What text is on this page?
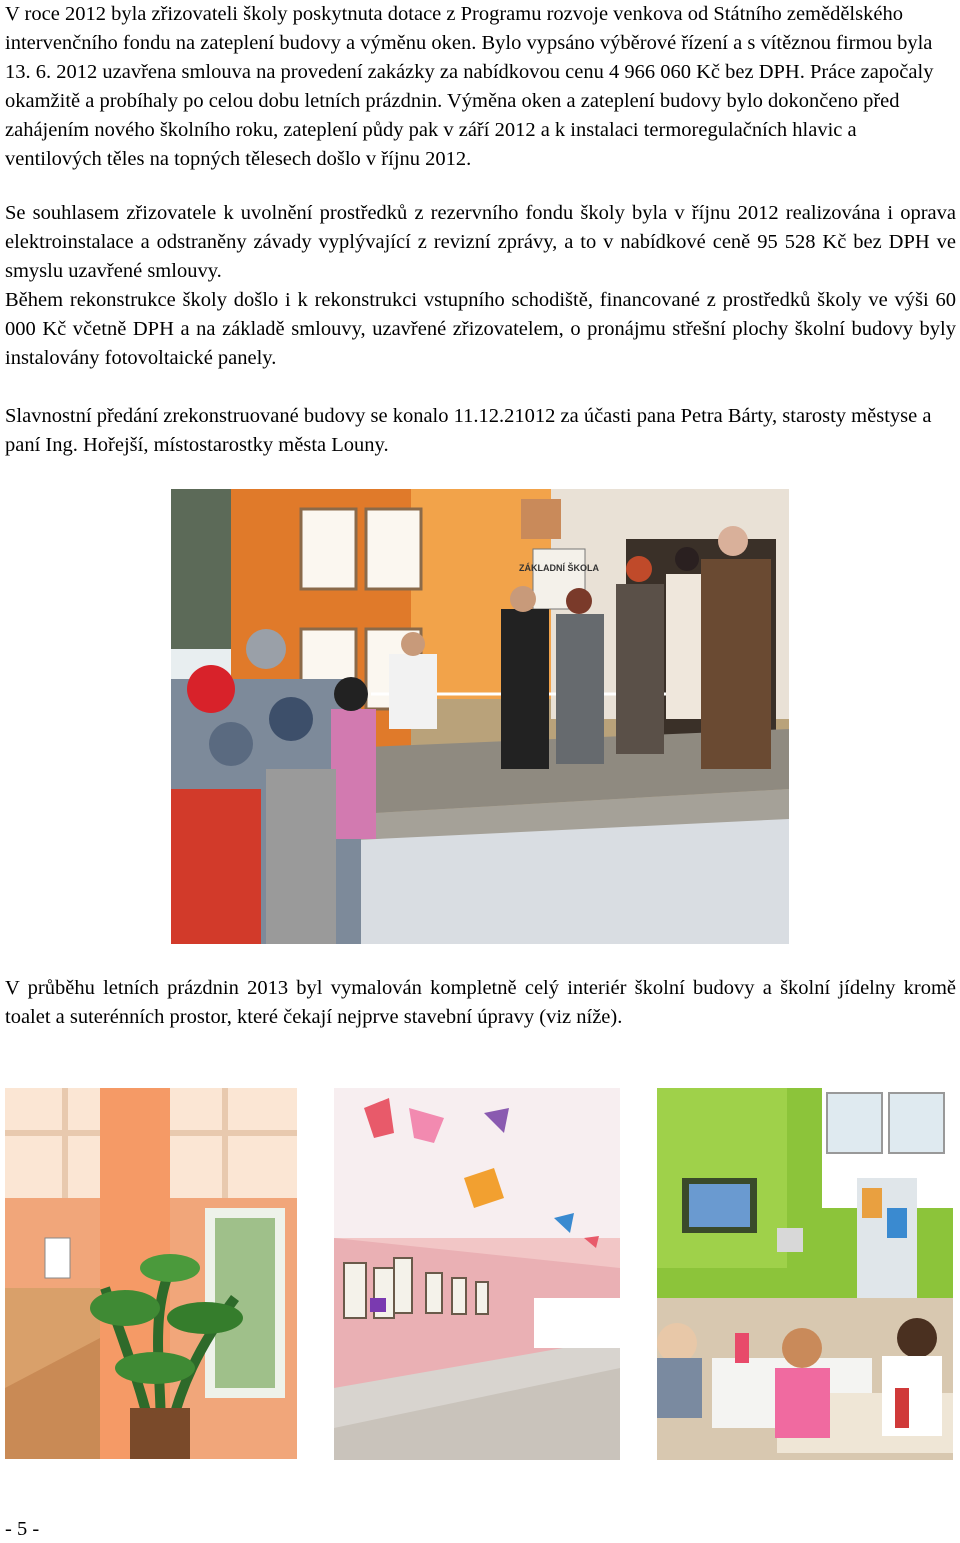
V roce 2012 byla zřizovateli školy poskytnuta dotace z Programu rozvoje venkova od Státního zemědělského intervenčního fondu na zateplení budovy a výměnu oken. Bylo vypsáno výběrové řízení a s vítěznou firmou byla 13. 6. 2012 uzavřena smlouva na provedení zakázky za nabídkovou cenu 4 966 060 Kč bez DPH. Práce započaly okamžitě a probíhaly po celou dobu letních prázdnin. Výměna oken a zateplení budovy bylo dokončeno před zahájením nového školního roku, zateplení půdy pak v září 2012 a k instalaci termoregulačních hlavic a ventilových těles na topných tělesech došlo v říjnu 2012.

Se souhlasem zřizovatele k uvolnění prostředků z rezervního fondu školy byla v říjnu 2012 realizována i oprava elektroinstalace a odstraněny závady vyplývající z revizní zprávy, a to v nabídkové ceně 95 528 Kč bez DPH ve smyslu uzavřené smlouvy.

Během rekonstrukce školy došlo i k rekonstrukci vstupního schodiště, financované z prostředků školy ve výši 60 000 Kč včetně DPH a na základě smlouvy, uzavřené zřizovatelem, o pronájmu střešní plochy školní budovy byly instalovány fotovoltaické panely.

Slavnostní předání zrekonstruované budovy se konalo 11.12.21012 za účasti pana Petra Bárty, starosty městyse a paní Ing. Hořejší, místostarostky města Louny.

ZÁKLADNÍ ŠKOLA

V průběhu letních prázdnin 2013 byl vymalován kompletně celý interiér školní budovy a školní jídelny kromě toalet a suterénních prostor, které čekají nejprve stavební úpravy (viz níže).

- 5 -
